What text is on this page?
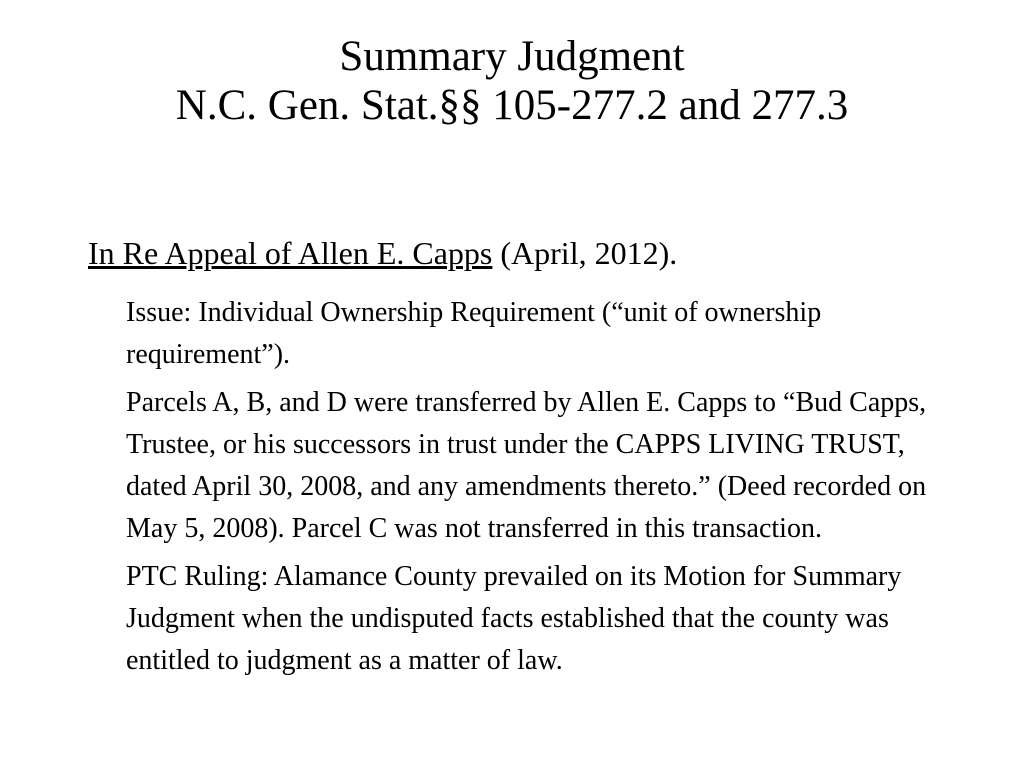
Summary Judgment
N.C. Gen. Stat.§§ 105-277.2 and 277.3
In Re Appeal of Allen E. Capps (April, 2012).

Issue: Individual Ownership Requirement (“unit of ownership requirement”).

Parcels A, B, and D were transferred by Allen E. Capps to “Bud Capps, Trustee, or his successors in trust under the CAPPS LIVING TRUST, dated April 30, 2008, and any amendments thereto.” (Deed recorded on May 5, 2008). Parcel C was not transferred in this transaction.

PTC Ruling: Alamance County prevailed on its Motion for Summary Judgment when the undisputed facts established that the county was entitled to judgment as a matter of law.
